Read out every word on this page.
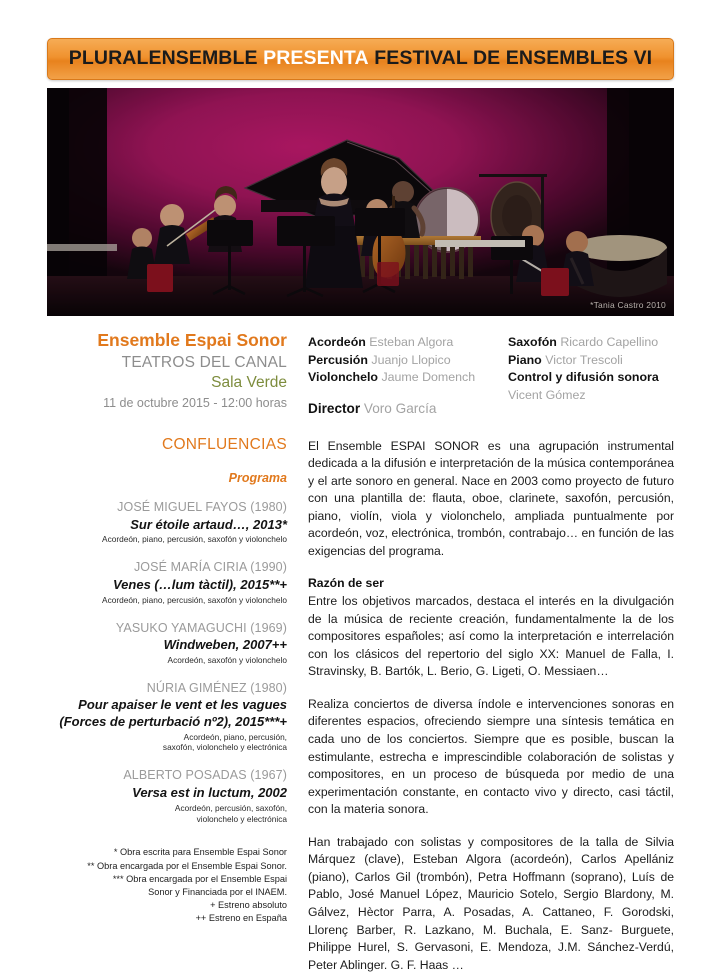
PLURALENSEMBLE PRESENTA FESTIVAL DE ENSEMBLES VI
*Tania Castro 2010
Ensemble Espai Sonor
TEATROS DEL CANAL
Sala Verde
11 de octubre 2015 - 12:00 horas
CONFLUENCIAS
Programa
JOSÉ MIGUEL FAYOS (1980)
Sur étoile artaud…, 2013*
Acordeón, piano, percusión, saxofón y violonchelo
JOSÉ MARÍA CIRIA (1990)
Venes (…lum tàctil), 2015**+
Acordeón, piano, percusión, saxofón y violonchelo
YASUKO YAMAGUCHI (1969)
Windweben, 2007++
Acordeón, saxofón y violonchelo
NÚRIA GIMÉNEZ (1980)
Pour apaiser le vent et les vagues
(Forces de perturbació nº2), 2015***+
Acordeón, piano, percusión,
saxofón, violonchelo y electrónica
ALBERTO POSADAS (1967)
Versa est in luctum, 2002
Acordeón, percusión, saxofón,
violonchelo y electrónica
* Obra escrita para Ensemble Espai Sonor
** Obra encargada por el Ensemble Espai Sonor.
*** Obra encargada por el Ensemble Espai
Sonor y Financiada por el INAEM.
+ Estreno absoluto
++ Estreno en España
Acordeón Esteban Algora
Percusión Juanjo Llopico
Violonchelo Jaume Domench
Director Voro García
Saxofón Ricardo Capellino
Piano Victor Trescoli
Control y difusión sonora
Vicent Gómez
El Ensemble ESPAI SONOR es una agrupación instrumental dedicada a la difusión e interpretación de la música contemporánea y el arte sonoro en general. Nace en 2003 como proyecto de futuro con una plantilla de: flauta, oboe, clarinete, saxofón, percusión, piano, violín, viola y violonchelo, ampliada puntualmente por acordeón, voz, electrónica, trombón, contrabajo… en función de las exigencias del programa.
Razón de ser
Entre los objetivos marcados, destaca el interés en la divulgación de la música de reciente creación, fundamentalmente la de los compositores españoles; así como la interpretación e interrelación con los clásicos del repertorio del siglo XX: Manuel de Falla, I. Stravinsky, B. Bartók, L. Berio, G. Ligeti, O. Messiaen…
Realiza conciertos de diversa índole e intervenciones sonoras en diferentes espacios, ofreciendo siempre una síntesis temática en cada uno de los conciertos. Siempre que es posible, buscan la estimulante, estrecha e imprescindible colaboración de solistas y compositores, en un proceso de búsqueda por medio de una experimentación constante, en contacto vivo y directo, casi táctil, con la materia sonora.
Han trabajado con solistas y compositores de la talla de Silvia Márquez (clave), Esteban Algora (acordeón), Carlos Apellániz (piano), Carlos Gil (trombón), Petra Hoffmann (soprano), Luís de Pablo, José Manuel López, Mauricio Sotelo, Sergio Blardony, M. Gálvez, Hèctor Parra, A. Posadas, A. Cattaneo, F. Gorodski, Llorenç Barber, R. Lazkano, M. Buchala, E. Sanz- Burguete, Philippe Hurel, S. Gervasoni, E. Mendoza, J.M. Sánchez-Verdú, Peter Ablinger. G. F. Haas …
